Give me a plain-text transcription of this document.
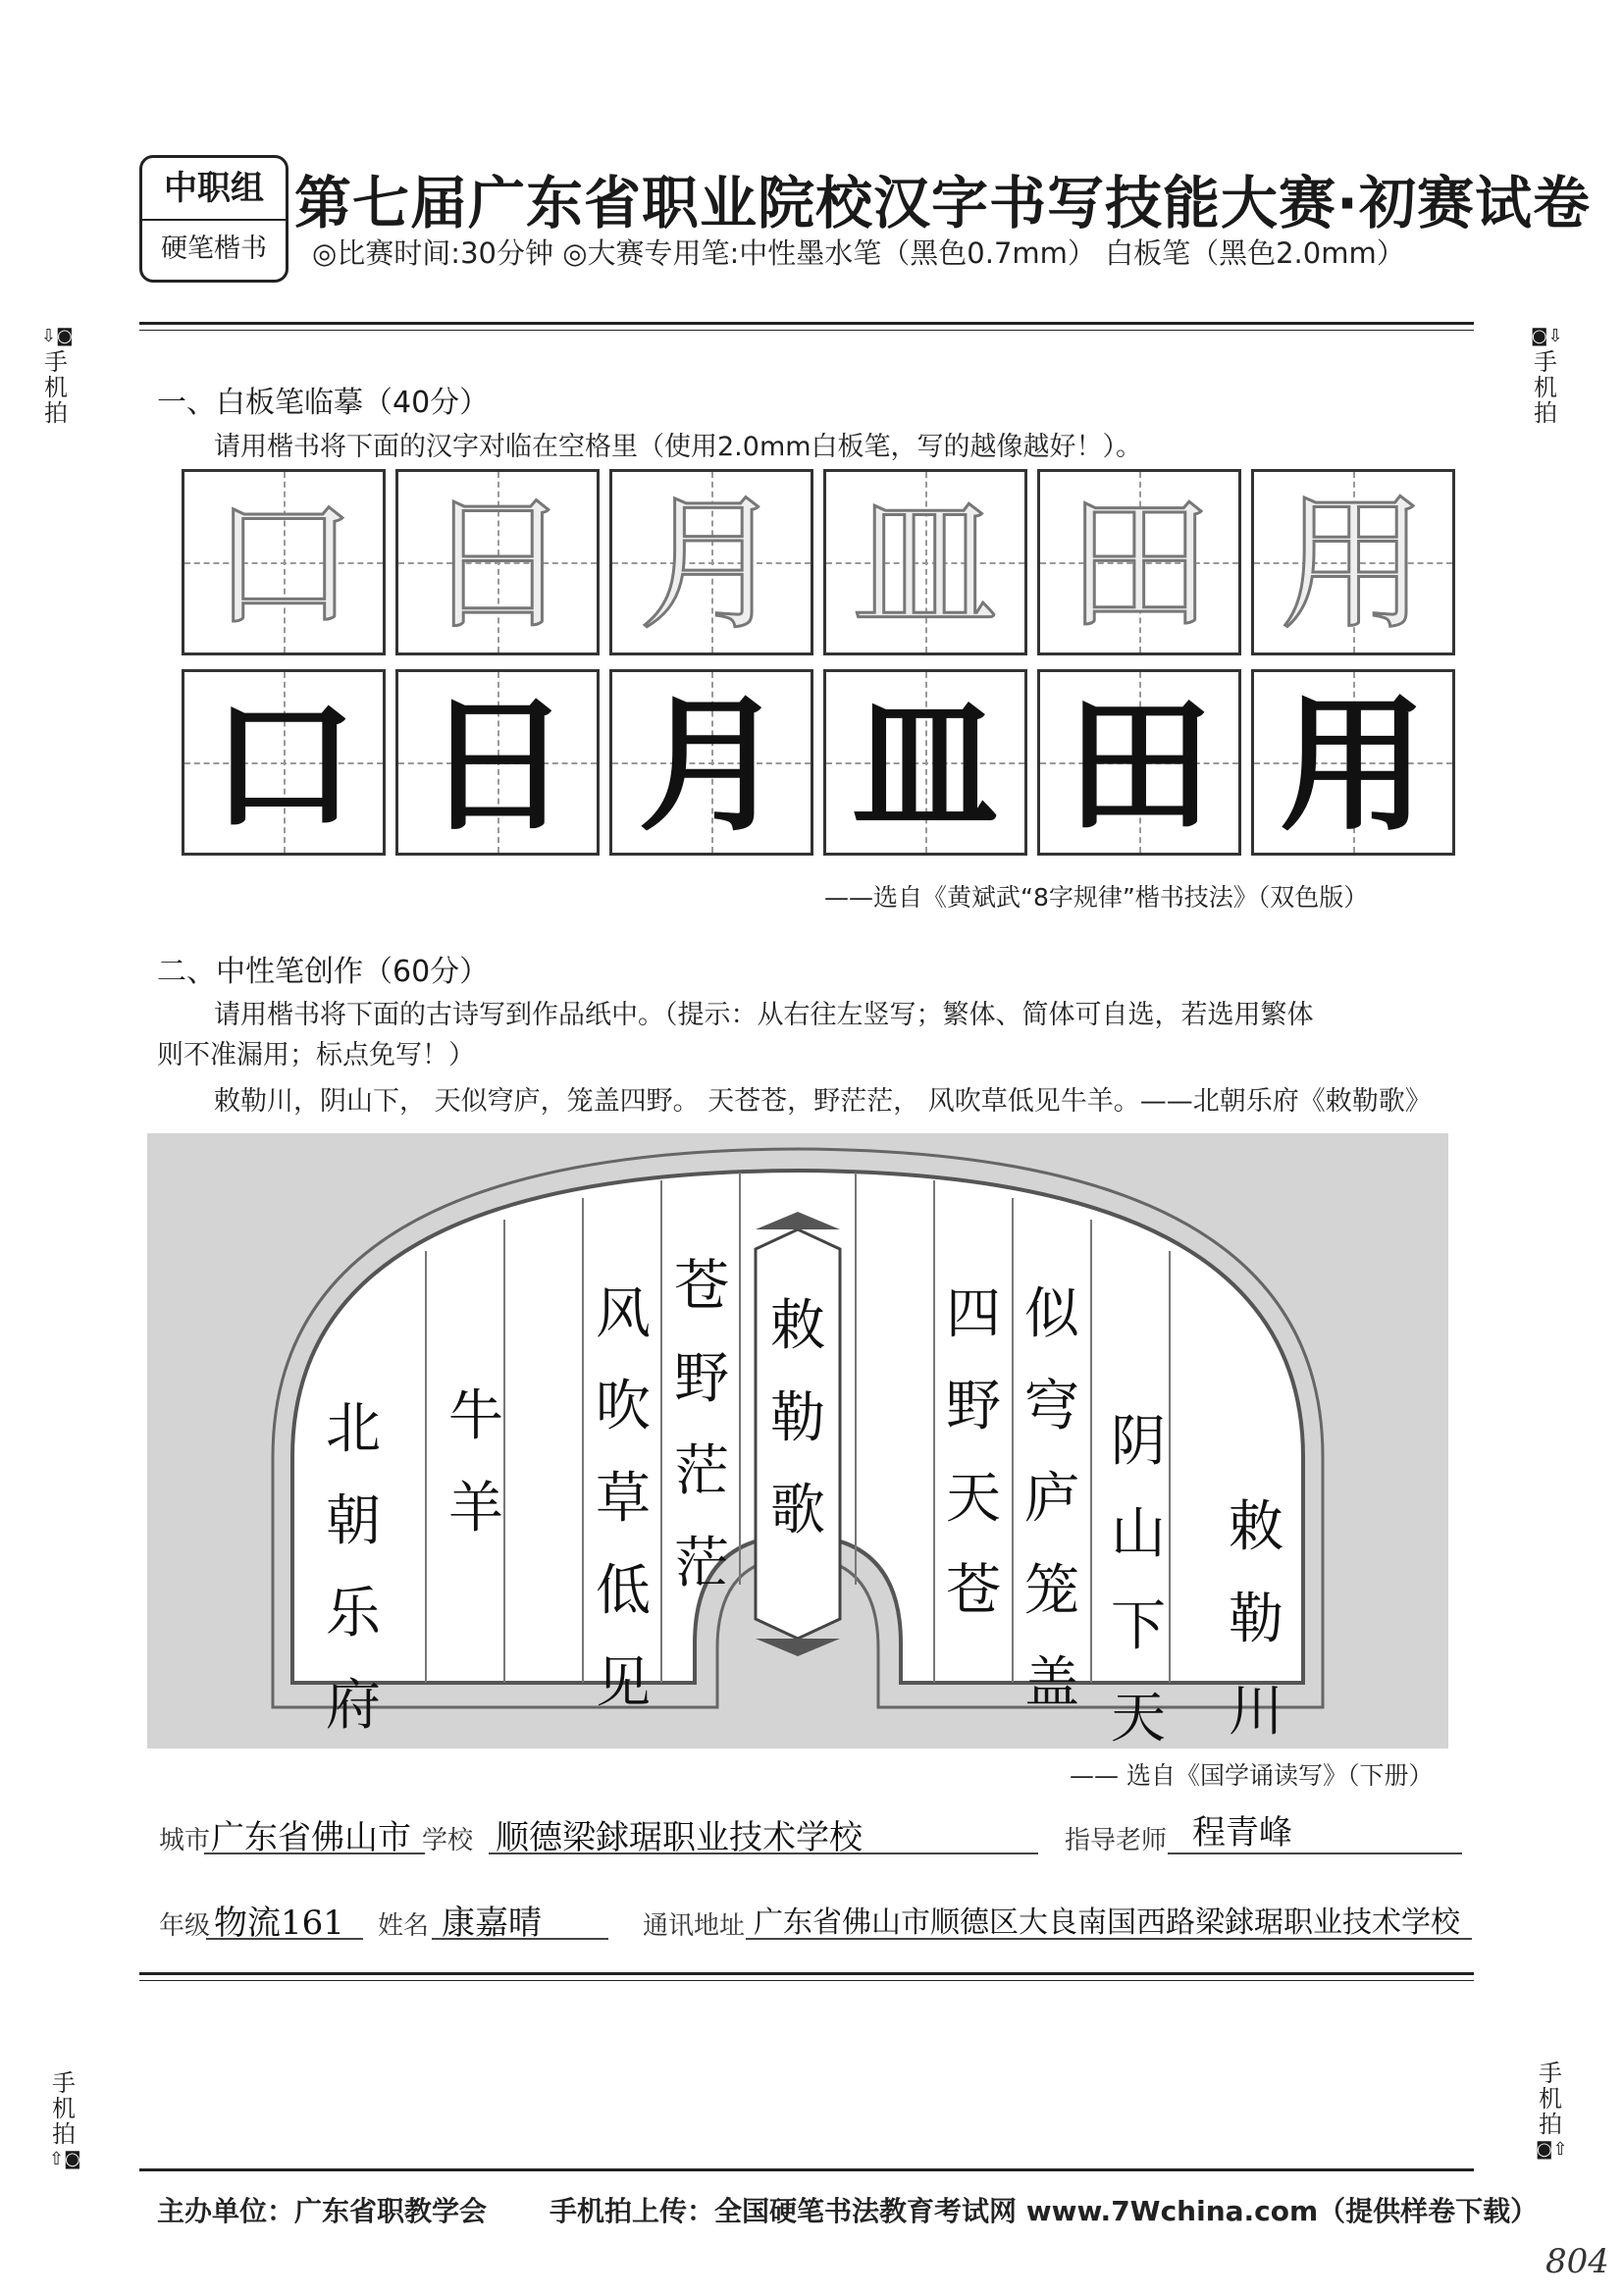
中职组
硬笔楷书
第七届广东省职业院校汉字书写技能大赛·初赛试卷
◎比赛时间:30分钟 ◎大赛专用笔:中性墨水笔（黑色0.7mm） 白板笔（黑色2.0mm）
⇩◙
手机拍
◙⇩
手机拍
手机拍
⇧◙
手机拍
◙⇧
一、白板笔临摹（40分）
请用楷书将下面的汉字对临在空格里（使用2.0mm白板笔，写的越像越好！）。
口 日 月 皿 田 用
口 日 月 皿 田 用
——选自《黄斌武“8字规律”楷书技法》（双色版）
二、中性笔创作（60分）
请用楷书将下面的古诗写到作品纸中。（提示：从右往左竖写；繁体、简体可自选，若选用繁体
则不准漏用；标点免写！）
敕勒川，阴山下， 天似穹庐，笼盖四野。 天苍苍，野茫茫， 风吹草低见牛羊。——北朝乐府《敕勒歌》
敕
勒
歌	敕
勒
川
阴
山
下
天
似
穹
庐
笼
盖
四
野
天
苍
苍
野
茫
茫
风
吹
草
低
见
牛
羊
北
朝
乐
府
—— 选自《国学诵读写》（下册）
城市 广东省佛山市 学校 顺德梁銶琚职业技术学校	指导老师 程青峰
年级 物流161 姓名 康嘉晴	通讯地址 广东省佛山市顺德区大良南国西路梁銶琚职业技术学校
主办单位：广东省职教学会 手机拍上传：全国硬笔书法教育考试网 www.7Wchina.com（提供样卷下载）
804
